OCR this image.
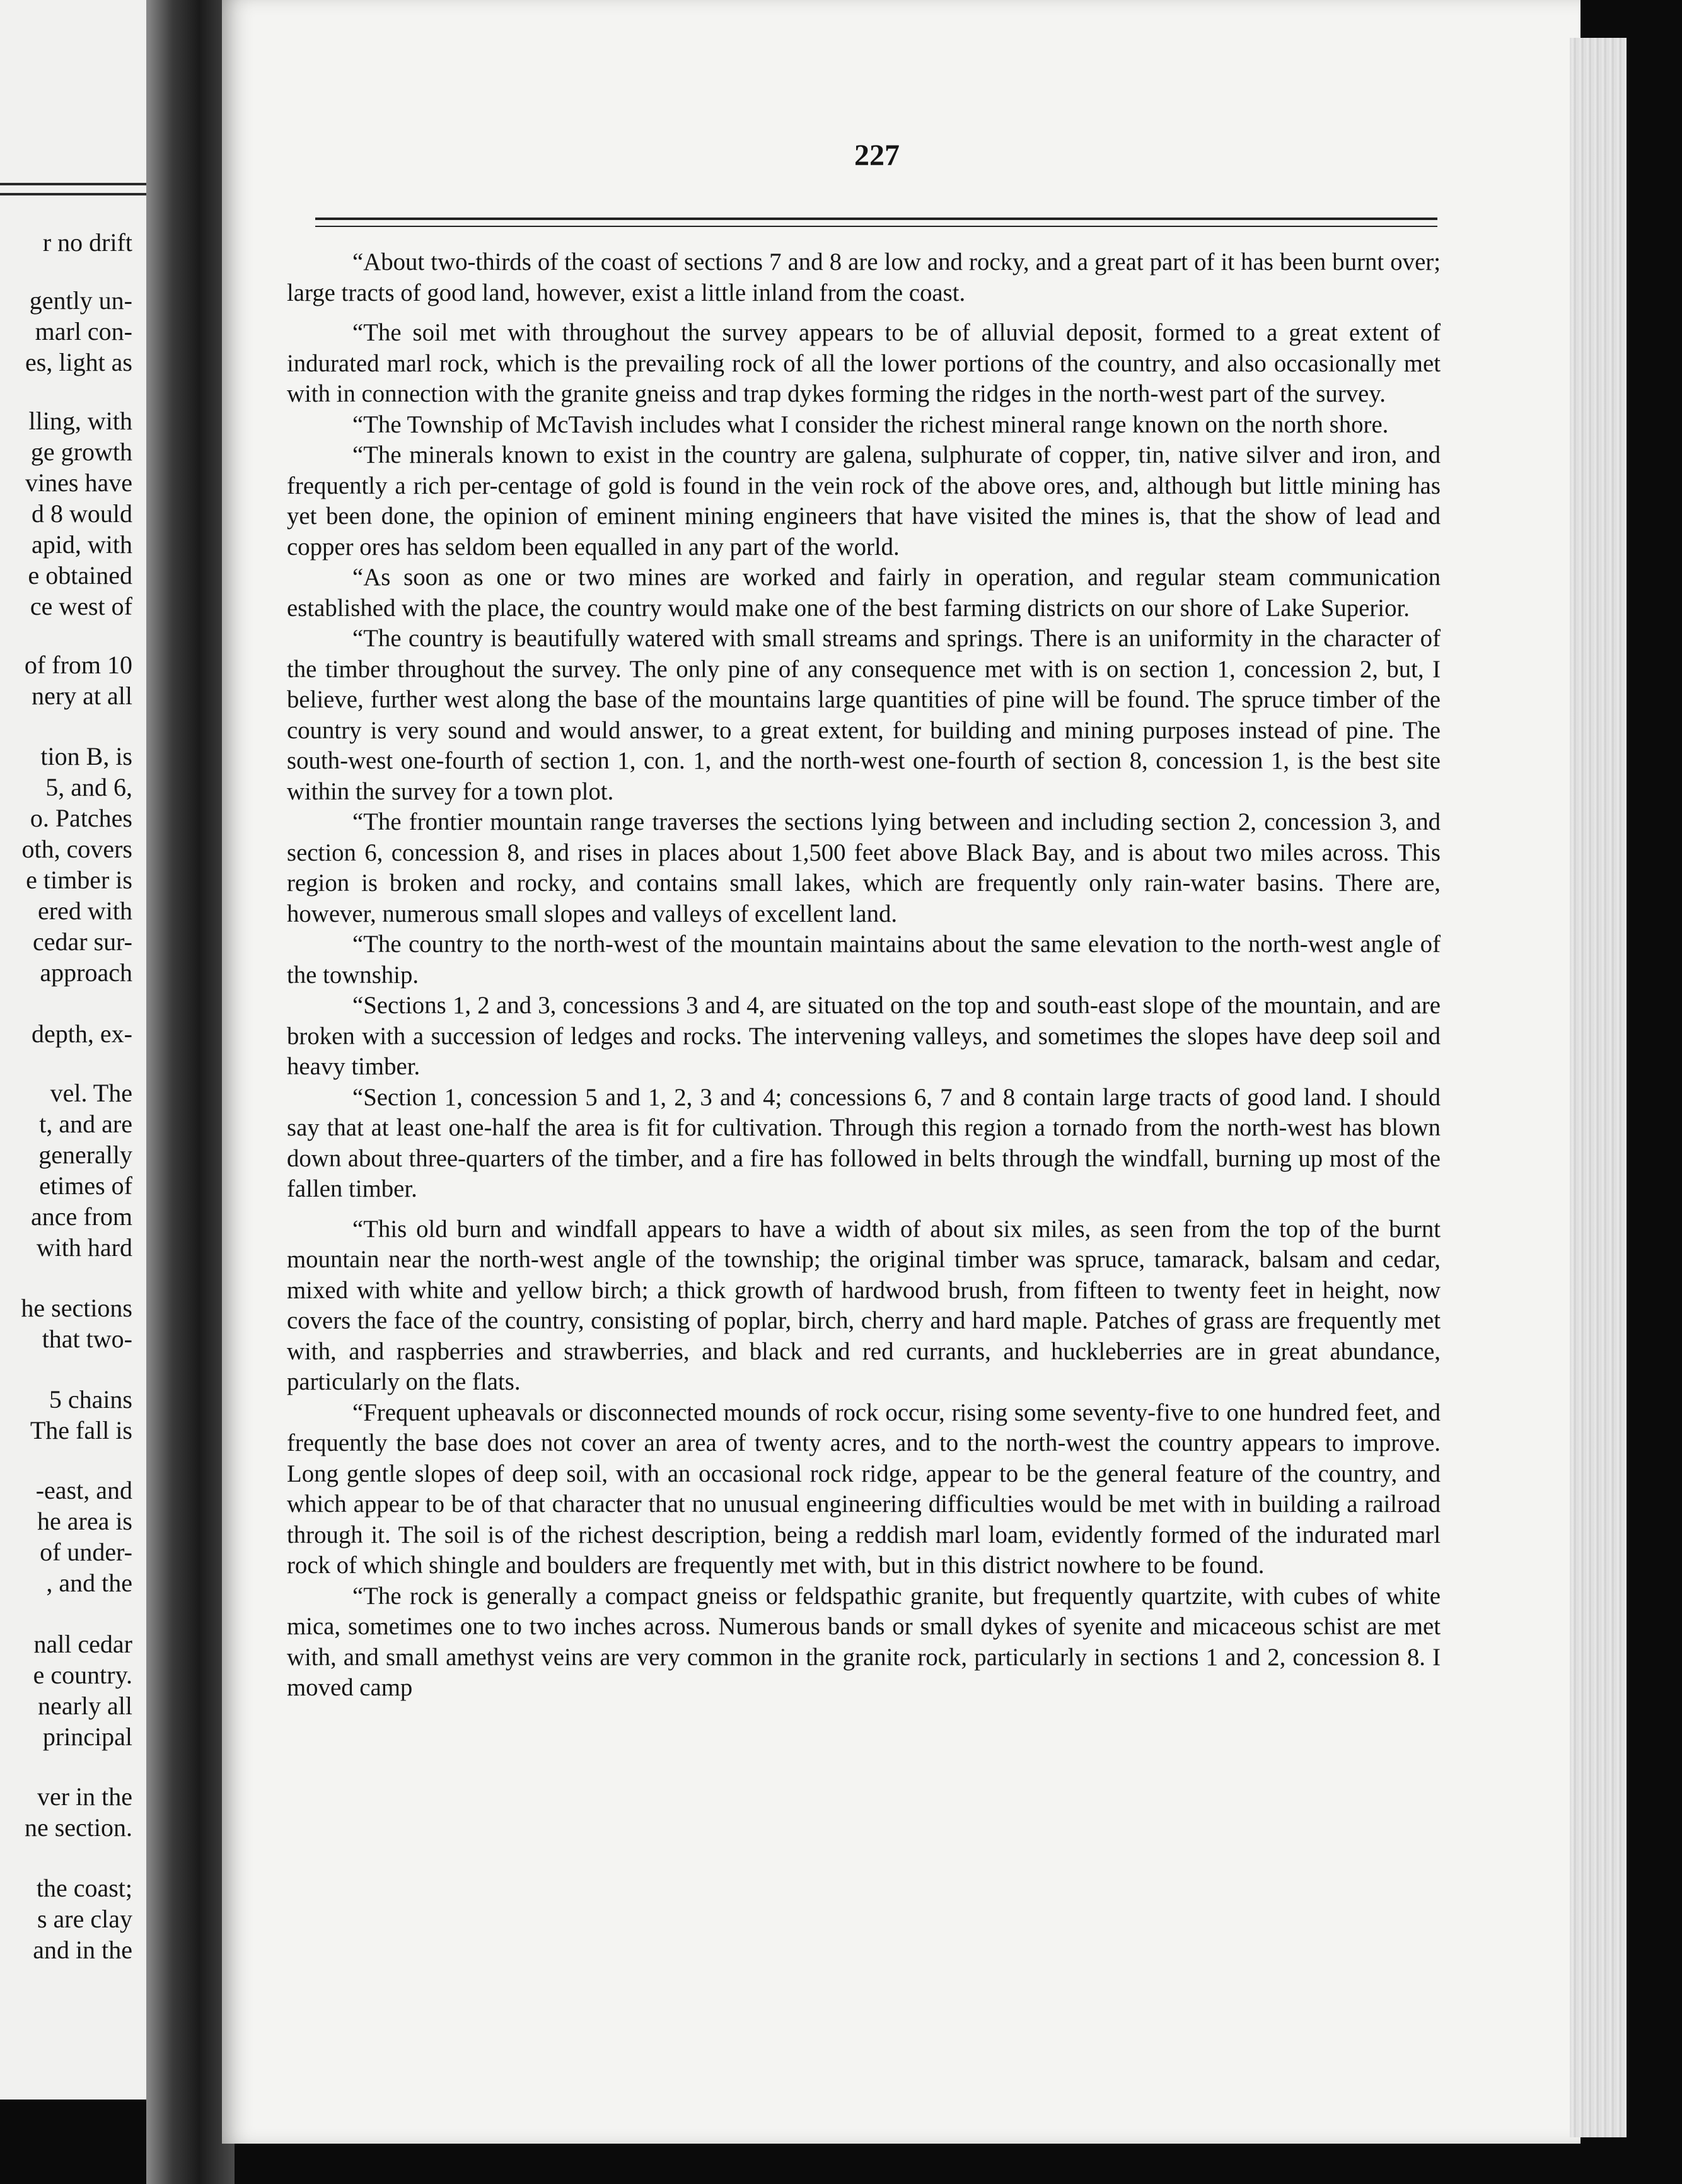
r no drift
gently un-
marl con-
es, light as
lling, with
ge growth
vines have
d 8 would
apid, with
e obtained
ce west of
of from 10
nery at all
tion B, is
5, and 6,
o. Patches
oth, covers
e timber is
ered with
cedar sur-
approach
depth, ex-
vel. The
t, and are
generally
etimes of
ance from
with hard
he sections
that two-
5 chains
The fall is
-east, and
he area is
of under-
, and the
nall cedar
e country.
nearly all
principal
ver in the
ne section.
the coast;
s are clay
and in the
227

“About two-thirds of the coast of sections 7 and 8 are low and rocky, and a great part of it has been burnt over; large tracts of good land, however, exist a little inland from the coast.

“The soil met with throughout the survey appears to be of alluvial deposit, formed to a great extent of indurated marl rock, which is the prevailing rock of all the lower portions of the country, and also occasionally met with in connection with the granite gneiss and trap dykes forming the ridges in the north-west part of the survey.

“The Township of McTavish includes what I consider the richest mineral range known on the north shore.

“The minerals known to exist in the country are galena, sulphurate of copper, tin, native silver and iron, and frequently a rich per-centage of gold is found in the vein rock of the above ores, and, although but little mining has yet been done, the opinion of eminent mining engineers that have visited the mines is, that the show of lead and copper ores has seldom been equalled in any part of the world.

“As soon as one or two mines are worked and fairly in operation, and regular steam communication established with the place, the country would make one of the best farming districts on our shore of Lake Superior.

“The country is beautifully watered with small streams and springs. There is an uniformity in the character of the timber throughout the survey. The only pine of any consequence met with is on section 1, concession 2, but, I believe, further west along the base of the mountains large quantities of pine will be found. The spruce timber of the country is very sound and would answer, to a great extent, for building and mining purposes instead of pine. The south-west one-fourth of section 1, con. 1, and the north-west one-fourth of section 8, concession 1, is the best site within the survey for a town plot.

“The frontier mountain range traverses the sections lying between and including section 2, concession 3, and section 6, concession 8, and rises in places about 1,500 feet above Black Bay, and is about two miles across. This region is broken and rocky, and contains small lakes, which are frequently only rain-water basins. There are, however, numerous small slopes and valleys of excellent land.

“The country to the north-west of the mountain maintains about the same elevation to the north-west angle of the township.

“Sections 1, 2 and 3, concessions 3 and 4, are situated on the top and south-east slope of the mountain, and are broken with a succession of ledges and rocks. The intervening valleys, and sometimes the slopes have deep soil and heavy timber.

“Section 1, concession 5 and 1, 2, 3 and 4; concessions 6, 7 and 8 contain large tracts of good land. I should say that at least one-half the area is fit for cultivation. Through this region a tornado from the north-west has blown down about three-quarters of the timber, and a fire has followed in belts through the windfall, burning up most of the fallen timber.

“This old burn and windfall appears to have a width of about six miles, as seen from the top of the burnt mountain near the north-west angle of the township; the original timber was spruce, tamarack, balsam and cedar, mixed with white and yellow birch; a thick growth of hardwood brush, from fifteen to twenty feet in height, now covers the face of the country, consisting of poplar, birch, cherry and hard maple. Patches of grass are frequently met with, and raspberries and strawberries, and black and red currants, and huckleberries are in great abundance, particularly on the flats.

“Frequent upheavals or disconnected mounds of rock occur, rising some seventy-five to one hundred feet, and frequently the base does not cover an area of twenty acres, and to the north-west the country appears to improve. Long gentle slopes of deep soil, with an occasional rock ridge, appear to be the general feature of the country, and which appear to be of that character that no unusual engineering difficulties would be met with in building a railroad through it. The soil is of the richest description, being a reddish marl loam, evidently formed of the indurated marl rock of which shingle and boulders are frequently met with, but in this district nowhere to be found.

“The rock is generally a compact gneiss or feldspathic granite, but frequently quartzite, with cubes of white mica, sometimes one to two inches across. Numerous bands or small dykes of syenite and micaceous schist are met with, and small amethyst veins are very common in the granite rock, particularly in sections 1 and 2, concession 8. I moved camp
